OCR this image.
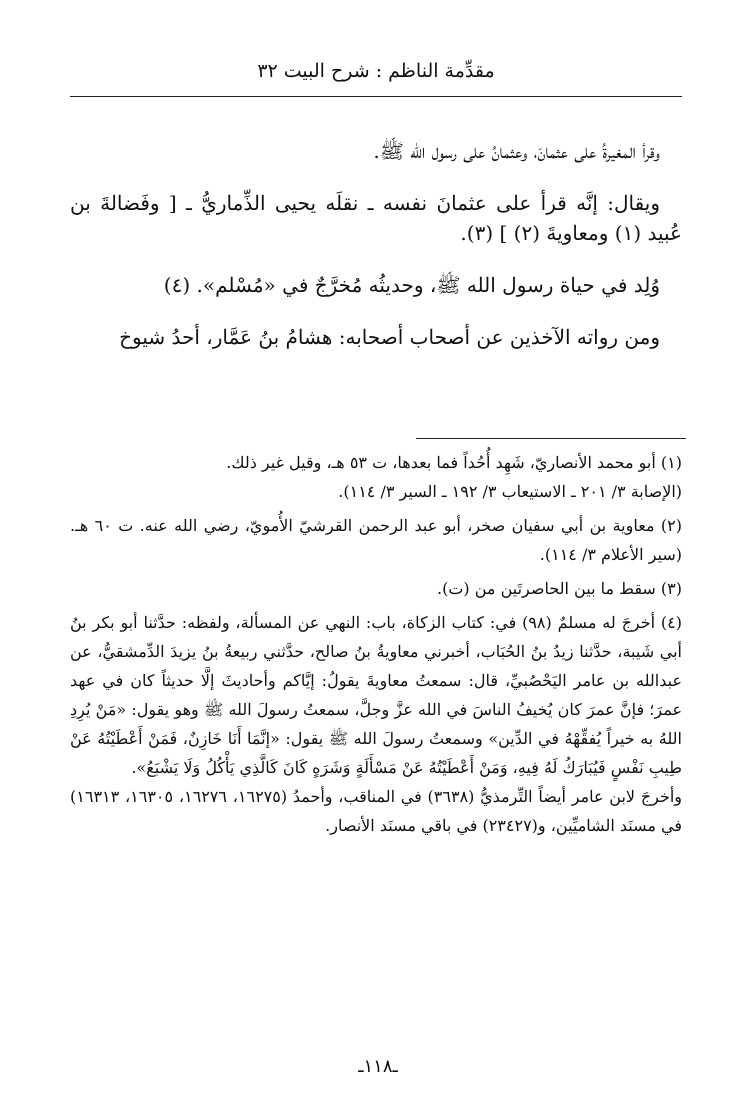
مقدِّمة الناظم : شرح البيت ٣٢

وقرأ المغيرةُ على عثمانَ، وعثمانُ على رسول الله ﷺ.

ويقال: إنَّه قرأ على عثمانَ نفسه ـ نقلَه يحيى الذِّماريُّ ـ [ وفَضالةَ بن عُبيد (١) ومعاويةَ (٢) ] (٣).

وُلِد في حياة رسول الله ﷺ، وحديثُه مُخرَّجٌ في «مُسْلم». (٤)

ومن رواته الآخذين عن أصحاب أصحابه: هشامُ بنُ عَمَّار، أحدُ شيوخ

(١) أبو محمد الأنصاريّ، شَهِد أُحُداً فما بعدها، ت ٥٣ هـ، وقيل غير ذلك.

(الإصابة ٣/ ٢٠١ ـ الاستيعاب ٣/ ١٩٢ ـ السير ٣/ ١١٤).

(٢) معاوية بن أبي سفيان صخر، أبو عبد الرحمن القرشيّ الأُمويّ، رضي الله عنه. ت ٦٠ هـ. (سير الأعلام ٣/ ١١٤).

(٣) سقط ما بين الحاصرتَين من (ت).

(٤) أخرجَ له مسلمٌ (٩٨) في: كتاب الزكاة، باب: النهي عن المسألة، ولفظه: حدَّثنا أبو بكر بنُ أبي شَيبة، حدَّثنا زيدُ بنُ الحُبَاب، أخبرني معاويةُ بنُ صالح، حدَّثني ربيعةُ بنُ يزيدَ الدِّمشقيُّ، عن عبدالله بن عامر اليَحْصُبيِّ، قال: سمعتُ معاويةَ يقولُ: إيَّاكم وأحاديثَ إلَّا حديثاً كان في عهد عمرَ؛ فإنَّ عمرَ كان يُخيفُ الناسَ في الله عزَّ وجلَّ، سمعتُ رسولَ الله ﷺ وهو يقول: «مَنْ يُرِدِ اللهُ به خيراً يُفقِّهْهُ في الدِّين» وسمعتُ رسولَ الله ﷺ يقول: «إنَّمَا أَنَا خَازِنٌ، فَمَنْ أَعْطَيْتُهُ عَنْ طِيبِ نَفْسٍ فَيُبَارَكُ لَهُ فِيهِ، وَمَنْ أَعْطَيْتُهُ عَنْ مَسْأَلَةٍ وَشَرَهٍ كَانَ كَالَّذِي يَأْكُلُ وَلَا يَشْبَعُ».

وأخرجَ لابن عامر أيضاً التِّرمذيُّ (٣٦٣٨) في المناقب، وأحمدُ (١٦٢٧٥، ١٦٢٧٦، ١٦٣٠٥، ١٦٣١٣) في مسنَد الشاميِّين، و(٢٣٤٢٧) في باقي مسنَد الأنصار.

ـ١١٨ـ
